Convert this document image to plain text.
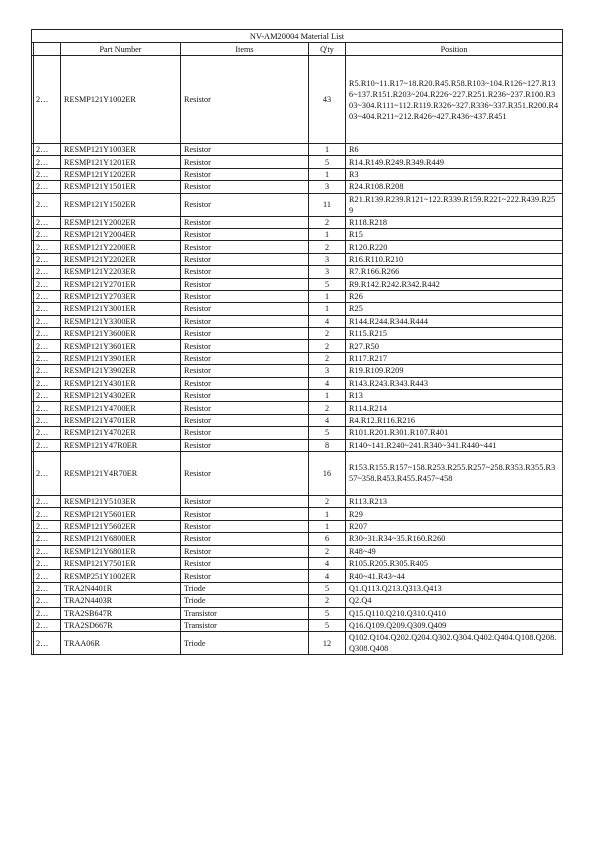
NV-AM20004 Material List					
		Part Number	Items	Q'ty	Position
	2…	RESMP121Y1002ER	Resistor	43	R5.R10~11.R17~18.R20.R45.R58.R103~104.R126~127.R136~137.R151.R203~204.R226~227.R251.R236~237.R100.R303~304.R111~112.R119.R326~327.R336~337.R351.R200.R403~404.R211~212.R426~427.R436~437.R451
	2…	RESMP121Y1003ER	Resistor	1	R6
	2…	RESMP121Y1201ER	Resistor	5	R14.R149.R249.R349.R449
	2…	RESMP121Y1202ER	Resistor	1	R3
	2…	RESMP121Y1501ER	Resistor	3	R24.R108.R208
	2…	RESMP121Y1502ER	Resistor	11	R21.R139.R239.R121~122.R339.R159.R221~222.R439.R259
	2…	RESMP121Y2002ER	Resistor	2	R118.R218
	2…	RESMP121Y2004ER	Resistor	1	R15
	2…	RESMP121Y2200ER	Resistor	2	R120.R220
	2…	RESMP121Y2202ER	Resistor	3	R16.R110.R210
	2…	RESMP121Y2203ER	Resistor	3	R7.R166.R266
	2…	RESMP121Y2701ER	Resistor	5	R9.R142.R242.R342.R442
	2…	RESMP121Y2703ER	Resistor	1	R26
	2…	RESMP121Y3001ER	Resistor	1	R25
	2…	RESMP121Y3300ER	Resistor	4	R144.R244.R344.R444
	2…	RESMP121Y3600ER	Resistor	2	R115.R215
	2…	RESMP121Y3601ER	Resistor	2	R27.R50
	2…	RESMP121Y3901ER	Resistor	2	R117.R217
	2…	RESMP121Y3902ER	Resistor	3	R19.R109.R209
	2…	RESMP121Y4301ER	Resistor	4	R143.R243.R343.R443
	2…	RESMP121Y4302ER	Resistor	1	R13
	2…	RESMP121Y4700ER	Resistor	2	R114.R214
	2…	RESMP121Y4701ER	Resistor	4	R4.R12.R116.R216
	2…	RESMP121Y4702ER	Resistor	5	R101.R201.R301.R107.R401
	2…	RESMP121Y47R0ER	Resistor	8	R140~141.R240~241.R340~341.R440~441
	2…	RESMP121Y4R70ER	Resistor	16	R153.R155.R157~158.R253.R255.R257~258.R353.R355.R357~358.R453.R455.R457~458
	2…	RESMP121Y5103ER	Resistor	2	R113.R213
	2…	RESMP121Y5601ER	Resistor	1	R29
	2…	RESMP121Y5602ER	Resistor	1	R207
	2…	RESMP121Y6800ER	Resistor	6	R30~31.R34~35.R160.R260
	2…	RESMP121Y6801ER	Resistor	2	R48~49
	2…	RESMP121Y7501ER	Resistor	4	R105.R205.R305.R405
	2…	RESMP251Y1002ER	Resistor	4	R40~41.R43~44
	2…	TRA2N4401R	Triode	5	Q1.Q113.Q213.Q313.Q413
	2…	TRA2N4403R	Triode	2	Q2.Q4
	2…	TRA2SB647R	Transistor	5	Q15.Q110.Q210.Q310.Q410
	2…	TRA2SD667R	Transistor	5	Q16.Q109.Q209.Q309.Q409
	2…	TRAA06R	Triode	12	Q102.Q104.Q202.Q204.Q302.Q304.Q402.Q404.Q108.Q208.Q308.Q408
